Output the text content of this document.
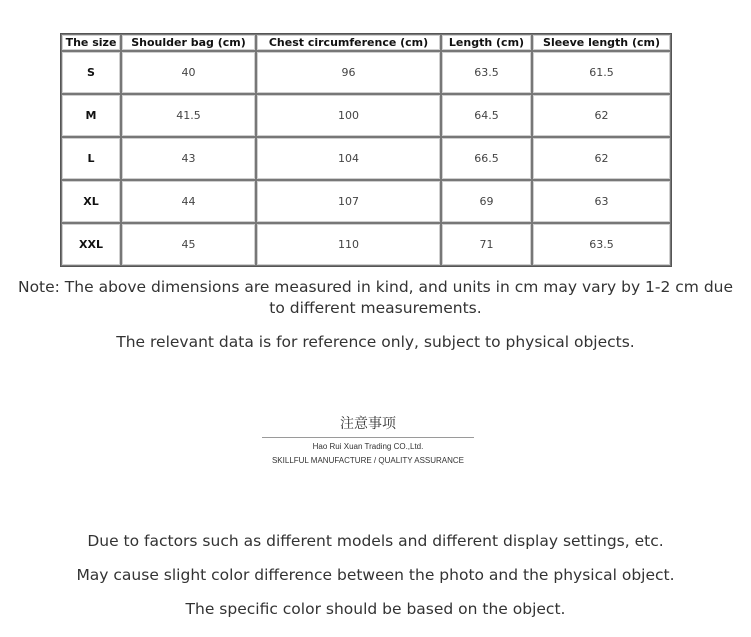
The size	Shoulder bag (cm)	Chest circumference (cm)	Length (cm)	Sleeve length (cm)
S	40	96	63.5	61.5
M	41.5	100	64.5	62
L	43	104	66.5	62
XL	44	107	69	63
XXL	45	110	71	63.5

Note: The above dimensions are measured in kind, and units in cm may vary by 1-2 cm due to different measurements.

The relevant data is for reference only, subject to physical objects.

注意事项
Hao Rui Xuan Trading CO.,Ltd.
SKILLFUL MANUFACTURE / QUALITY ASSURANCE

Due to factors such as different models and different display settings, etc.

May cause slight color difference between the photo and the physical object.

The specific color should be based on the object.
